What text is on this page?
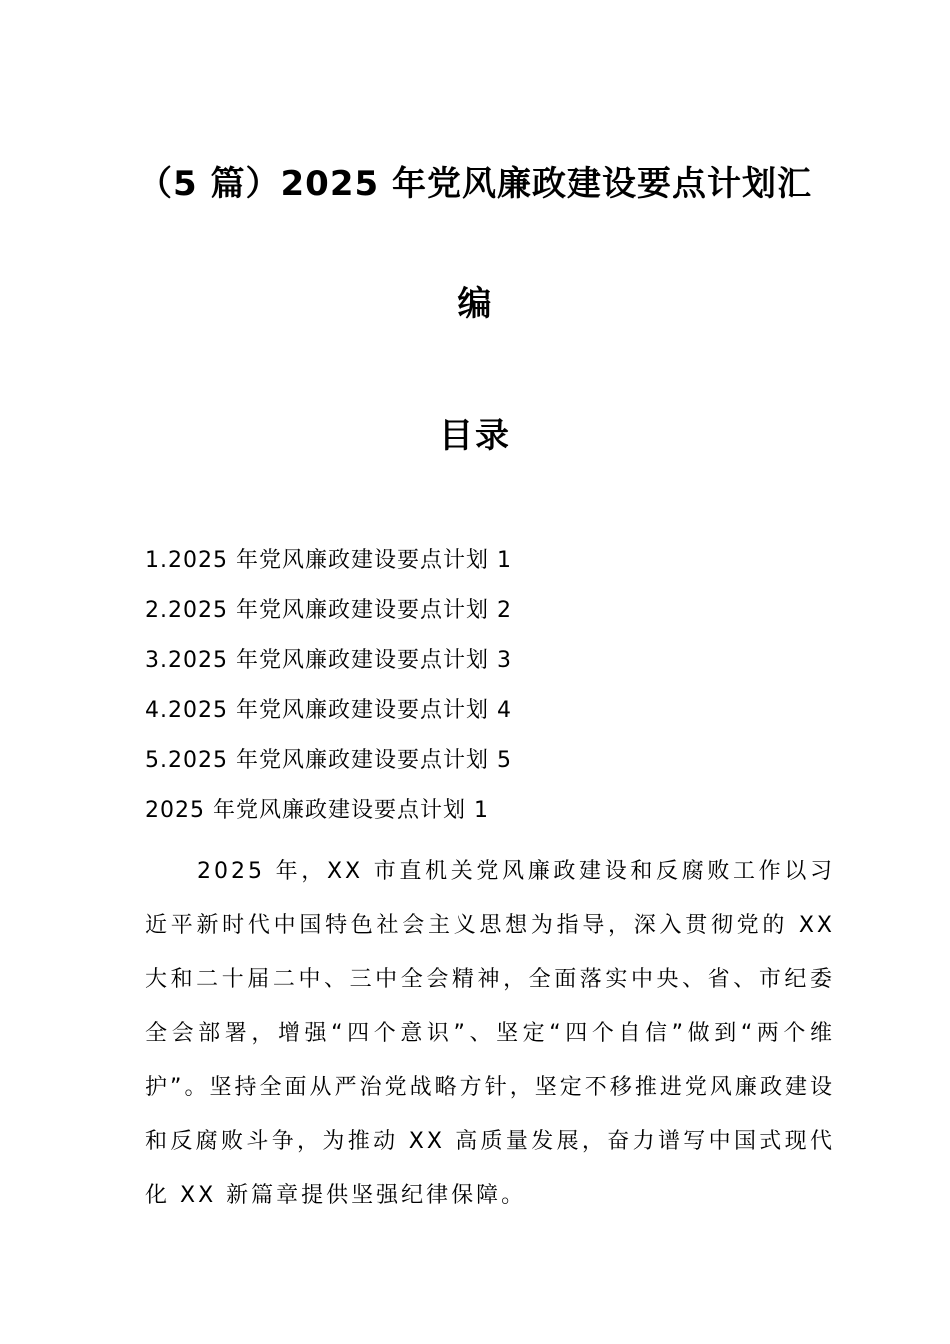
（5 篇）2025 年党风廉政建设要点计划汇
编
目录
1.2025 年党风廉政建设要点计划 1
2.2025 年党风廉政建设要点计划 2
3.2025 年党风廉政建设要点计划 3
4.2025 年党风廉政建设要点计划 4
5.2025 年党风廉政建设要点计划 5
2025 年党风廉政建设要点计划 1

2025 年，XX 市直机关党风廉政建设和反腐败工作以习近平新时代中国特色社会主义思想为指导，深入贯彻党的 XX 大和二十届二中、三中全会精神，全面落实中央、省、市纪委全会部署，增强“四个意识”、坚定“四个自信”做到“两个维护”。坚持全面从严治党战略方针，坚定不移推进党风廉政建设和反腐败斗争，为推动 XX 高质量发展，奋力谱写中国式现代化 XX 新篇章提供坚强纪律保障。
